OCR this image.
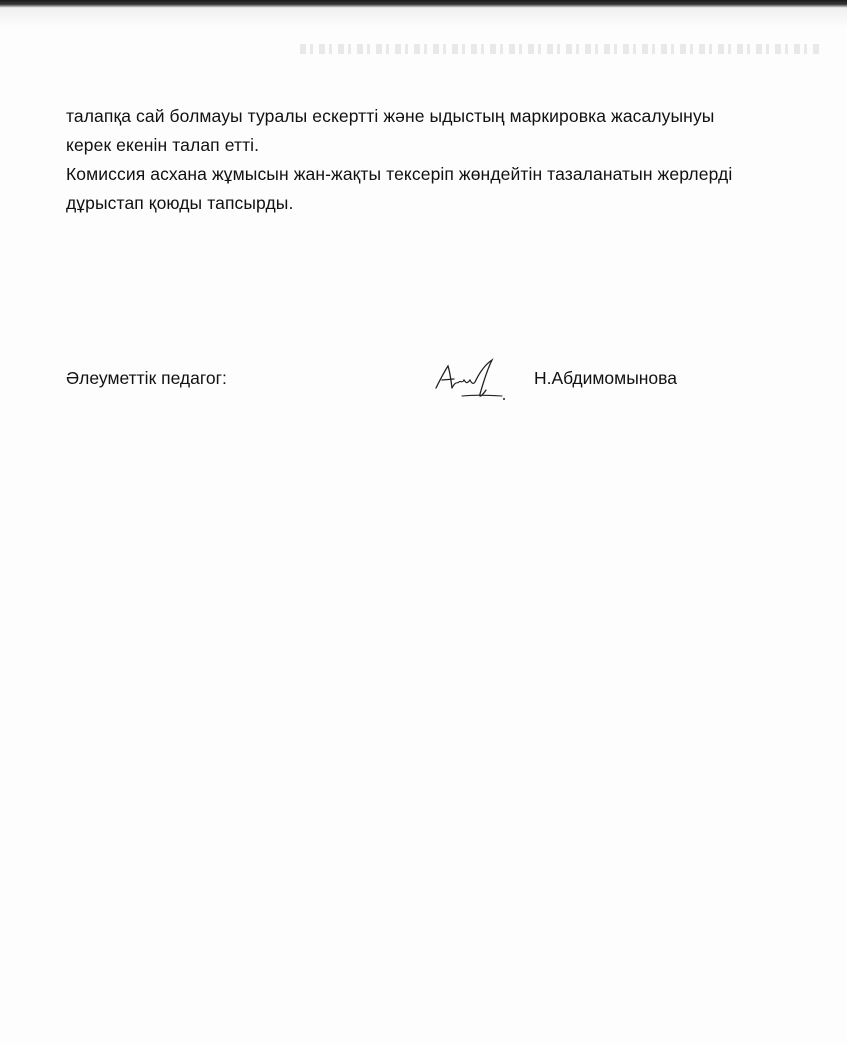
талапқа сай болмауы туралы ескертті және ыдыстың маркировка жасалуынуы
керек екенін талап етті.
Комиссия асхана жұмысын жан-жақты тексеріп жөндейтін тазаланатын жерлерді
дұрыстап қоюды тапсырды.
Әлеуметтік педагог:	Н.Абдимомынова
